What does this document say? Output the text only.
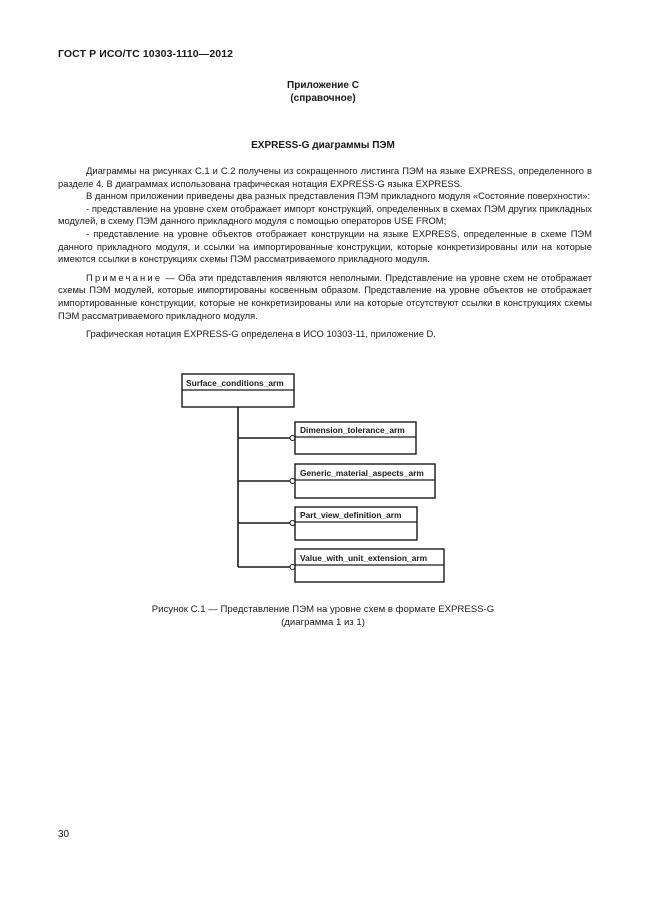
ГОСТ Р ИСО/ТС 10303-1110—2012
Приложение С
(справочное)
EXPRESS-G диаграммы ПЭМ

Диаграммы на рисунках С.1 и С.2 получены из сокращенного листинга ПЭМ на языке EXPRESS, определенного в разделе 4. В диаграммах использована графическая нотация EXPRESS-G языка EXPRESS.

В данном приложении приведены два разных представления ПЭМ прикладного модуля «Состояние поверхности»:

- представление на уровне схем отображает импорт конструкций, определенных в схемах ПЭМ других прикладных модулей, в схему ПЭМ данного прикладного модуля с помощью операторов USE FROM;

- представление на уровне объектов отображает конструкции на языке EXPRESS, определенные в схеме ПЭМ данного прикладного модуля, и ссылки на импортированные конструкции, которые конкретизированы или на которые имеются ссылки в конструкциях схемы ПЭМ рассматриваемого прикладного модуля.

Примечание — Оба эти представления являются неполными. Представление на уровне схем не отображает схемы ПЭМ модулей, которые импортированы косвенным образом. Представление на уровне объектов не отображает импортированные конструкции, которые не конкретизированы или на которые отсутствуют ссылки в конструкциях схемы ПЭМ рассматриваемого прикладного модуля.

Графическая нотация EXPRESS-G определена в ИСО 10303-11, приложение D.

Surface_conditions_arm
Dimension_tolerance_arm
Generic_material_aspects_arm
Part_view_definition_arm
Value_with_unit_extension_arm
Рисунок С.1 — Представление ПЭМ на уровне схем в формате EXPRESS-G
(диаграмма 1 из 1)
30
